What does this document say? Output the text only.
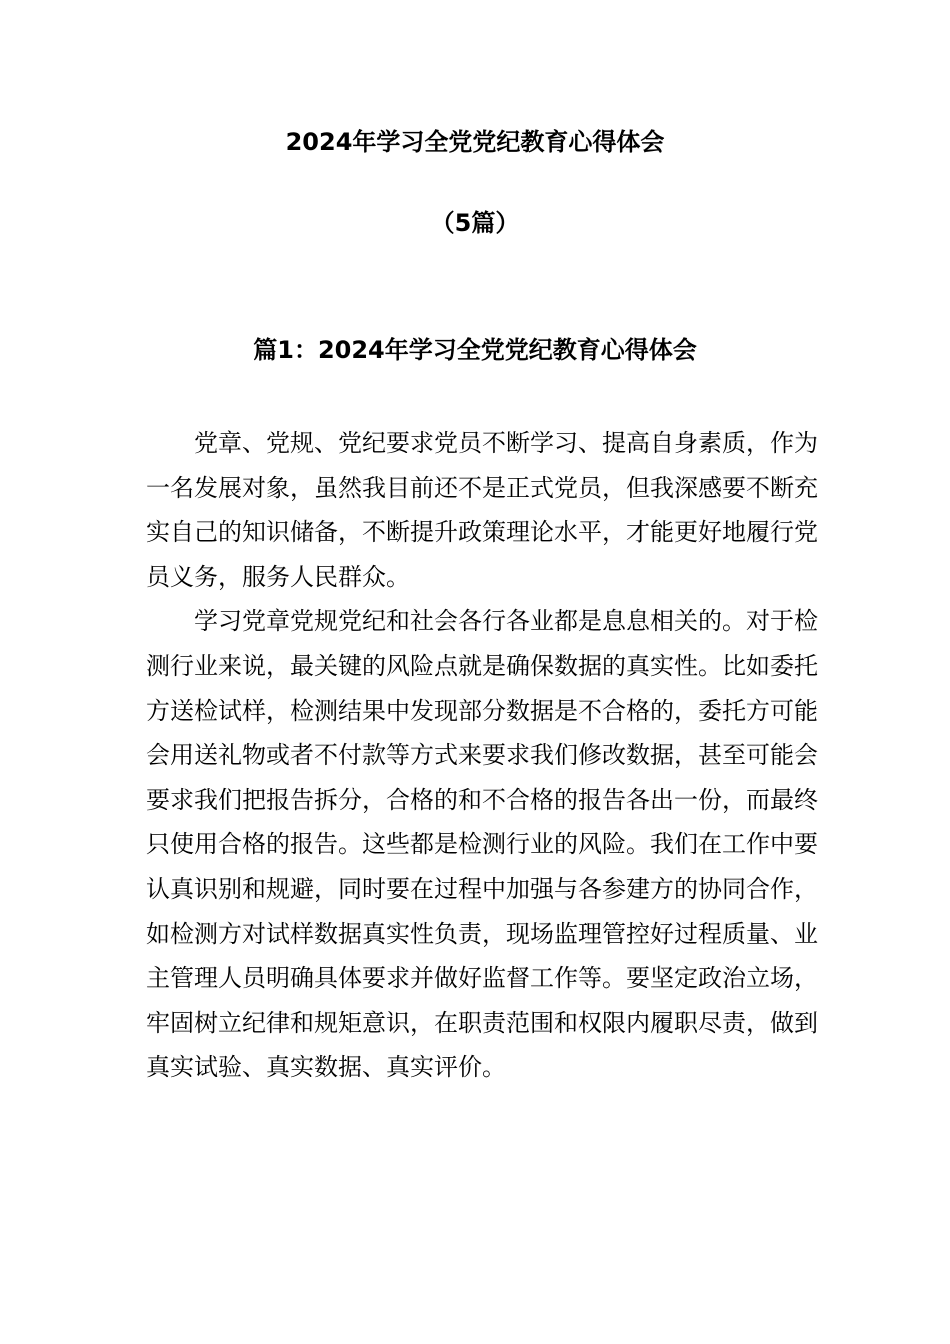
2024年学习全党党纪教育心得体会
（5篇）
篇1：2024年学习全党党纪教育心得体会

党章、党规、党纪要求党员不断学习、提高自身素质，作为一名发展对象，虽然我目前还不是正式党员，但我深感要不断充实自己的知识储备，不断提升政策理论水平，才能更好地履行党员义务，服务人民群众。

学习党章党规党纪和社会各行各业都是息息相关的。对于检测行业来说，最关键的风险点就是确保数据的真实性。比如委托方送检试样，检测结果中发现部分数据是不合格的，委托方可能会用送礼物或者不付款等方式来要求我们修改数据，甚至可能会要求我们把报告拆分，合格的和不合格的报告各出一份，而最终只使用合格的报告。这些都是检测行业的风险。我们在工作中要认真识别和规避，同时要在过程中加强与各参建方的协同合作，如检测方对试样数据真实性负责，现场监理管控好过程质量、业主管理人员明确具体要求并做好监督工作等。要坚定政治立场，牢固树立纪律和规矩意识，在职责范围和权限内履职尽责，做到真实试验、真实数据、真实评价。
